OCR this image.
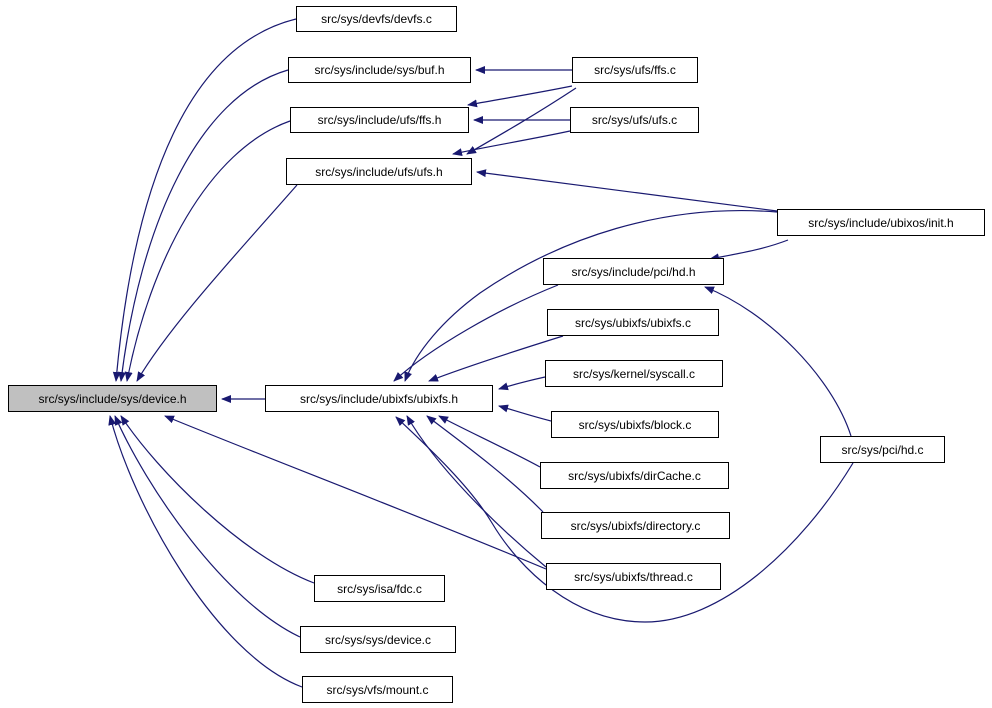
src/sys/devfs/devfs.c
src/sys/include/sys/buf.h	src/sys/ufs/ffs.c
src/sys/include/ufs/ffs.h	src/sys/ufs/ufs.c
src/sys/include/ufs/ufs.h
src/sys/include/ubixos/init.h
src/sys/include/pci/hd.h
src/sys/ubixfs/ubixfs.c
src/sys/kernel/syscall.c
src/sys/include/sys/device.h	src/sys/include/ubixfs/ubixfs.h
src/sys/ubixfs/block.c
src/sys/pci/hd.c
src/sys/ubixfs/dirCache.c
src/sys/ubixfs/directory.c
src/sys/ubixfs/thread.c
src/sys/isa/fdc.c
src/sys/sys/device.c
src/sys/vfs/mount.c
